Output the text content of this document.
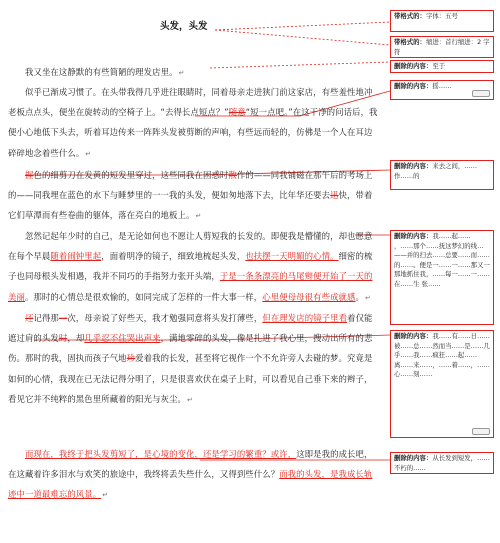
头发，头发

我又坐在这静默的有些简陋的理发店里。↵

似乎已渐成习惯了。在头带我得几乎进往眼睛时，同着母亲走进狭门前这家店，有些羞性地冲老板点点头，便坐在旋转动的空椅子上。“去得长点短点？”随意“短一点吧。”在这干净的问话后，我便小心地低下头去，听着耳边传来一阵阵头发被剪断的声响，有些远而轻的，仿佛是一个人在耳边碎碎地念着些什么。↵

握色的细剪刀在发黄的短发里穿过，这些同我在困惑时散作的——同我铺磁在那午后的考场上的——同我埋在蓝色的水下与睡梦里的一一我的头发，便如匆地落下去，比年华还要去迅快，带着它们草潭而有些卷曲的躯体，落在亮白的地板上。↵

忽然记起年少时的自己，是无论如何也不愿让人剪短我的长发的。即便我是懵懂的，却也愿意在每个早晨随着闹钟里起，面着明净的镜子，细致地梳起头发，也扶摆一天明媚的心情。细密的梳子也同母根头发相遇，我并不同巧的手指努力张开头端，于是一条条漂亮的马尾辫便开始了一天的美丽。那时的心情总是很欢愉的，如同完成了怎样的一件大事一样，心里便母母很有些成就感。↵

还记得那一次，母亲说了好些天，我才勉强同意将头发打薄些，但在理发店的镜子里看着仅能遮过肩的头发时，却几乎忍不住哭出声来，满地零碎的头发，像是扎进了我心里，搜动出所有的悲伤。那时的我，固执而孩子气地珍爱着我的长发，甚至将它视作一个不允许旁人去碰的梦。究竟是如何的心情，我现在已无法记得分明了，只是很喜欢伏在桌子上时，可以看见自己垂下来的辫子，看见它并不纯粹的黑色里所藏着的阳光与灰尘。↵

而现在，我终于把头发剪短了，是心境的变化，还是学习的繁重？或许，这即是我的成长吧，在这藏着许多泪水与欢笑的旅途中，我终将丢失些什么，又得到些什么？而我的头发，是我成长轨迹中一道最难忘的风景。↵

带格式的：字体：五号
带格式的：缩进：首行缩进：2 字符
删除的内容：至于
删除的内容：摇……
删除的内容：来去之间，……作……的
删除的内容：我……起…… ，……那个……抚这梦幻的线…——并的扫去……总要……而……的……。便是一……一……那又一那地抓住我，……每一……一……在……生 张……
删除的内容：我……有……日……被……总……然而当……是……几乎……我……疯狂……起……离……来……，……着……，……心……刻……
删除的内容：从长发到短发，……不朽的……
